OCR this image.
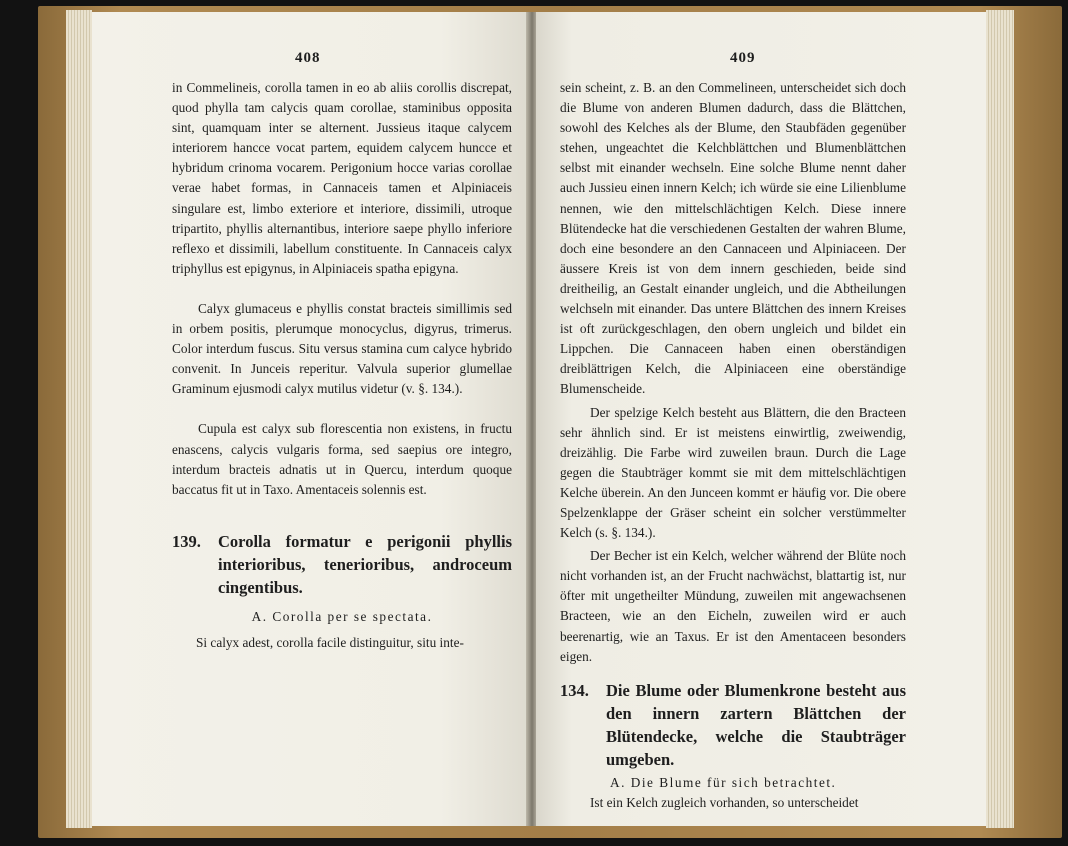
408

in Commelineis, corolla tamen in eo ab aliis corollis discrepat, quod phylla tam calycis quam corollae, staminibus opposita sint, quamquam inter se alternent. Jussieus itaque calycem interiorem hancce vocat partem, equidem calycem huncce et hybridum crinoma vocarem. Perigonium hocce varias corollae verae habet formas, in Cannaceis tamen et Alpiniaceis singulare est, limbo exteriore et interiore, dissimili, utroque tripartito, phyllis alternantibus, interiore saepe phyllo inferiore reflexo et dissimili, labellum constituente. In Cannaceis calyx triphyllus est epigynus, in Alpiniaceis spatha epigyna.

Calyx glumaceus e phyllis constat bracteis simillimis sed in orbem positis, plerumque monocyclus, digyrus, trimerus. Color interdum fuscus. Situ versus stamina cum calyce hybrido convenit. In Junceis reperitur. Valvula superior glumellae Graminum ejusmodi calyx mutilus videtur (v. §. 134.).

Cupula est calyx sub florescentia non existens, in fructu enascens, calycis vulgaris forma, sed saepius ore integro, interdum bracteis adnatis ut in Quercu, interdum quoque baccatus fit ut in Taxo. Amentaceis solennis est.

139.	Corolla formatur e perigonii phyllis interioribus, tenerioribus, androceum cingentibus.

A. Corolla per se spectata.

Si calyx adest, corolla facile distinguitur, situ inte-

409

sein scheint, z. B. an den Commelineen, unterscheidet sich doch die Blume von anderen Blumen dadurch, dass die Blättchen, sowohl des Kelches als der Blume, den Staubfäden gegenüber stehen, ungeachtet die Kelchblättchen und Blumenblättchen selbst mit einander wechseln. Eine solche Blume nennt daher auch Jussieu einen innern Kelch; ich würde sie eine Lilienblume nennen, wie den mittelschlächtigen Kelch. Diese innere Blütendecke hat die verschiedenen Gestalten der wahren Blume, doch eine besondere an den Cannaceen und Alpiniaceen. Der äussere Kreis ist von dem innern geschieden, beide sind dreitheilig, an Gestalt einander ungleich, und die Abtheilungen welchseln mit einander. Das untere Blättchen des innern Kreises ist oft zurückgeschlagen, den obern ungleich und bildet ein Lippchen. Die Cannaceen haben einen oberständigen dreiblättrigen Kelch, die Alpiniaceen eine oberständige Blumenscheide.

Der spelzige Kelch besteht aus Blättern, die den Bracteen sehr ähnlich sind. Er ist meistens einwirtlig, zweiwendig, dreizählig. Die Farbe wird zuweilen braun. Durch die Lage gegen die Staubträger kommt sie mit dem mittelschlächtigen Kelche überein. An den Junceen kommt er häufig vor. Die obere Spelzenklappe der Gräser scheint ein solcher verstümmelter Kelch (s. §. 134.).

Der Becher ist ein Kelch, welcher während der Blüte noch nicht vorhanden ist, an der Frucht nachwächst, blattartig ist, nur öfter mit ungetheilter Mündung, zuweilen mit angewachsenen Bracteen, wie an den Eicheln, zuweilen wird er auch beerenartig, wie an Taxus. Er ist den Amentaceen besonders eigen.

134.	Die Blume oder Blumenkrone besteht aus den innern zartern Blättchen der Blütendecke, welche die Staubträger umgeben.

A. Die Blume für sich betrachtet.

Ist ein Kelch zugleich vorhanden, so unterscheidet
